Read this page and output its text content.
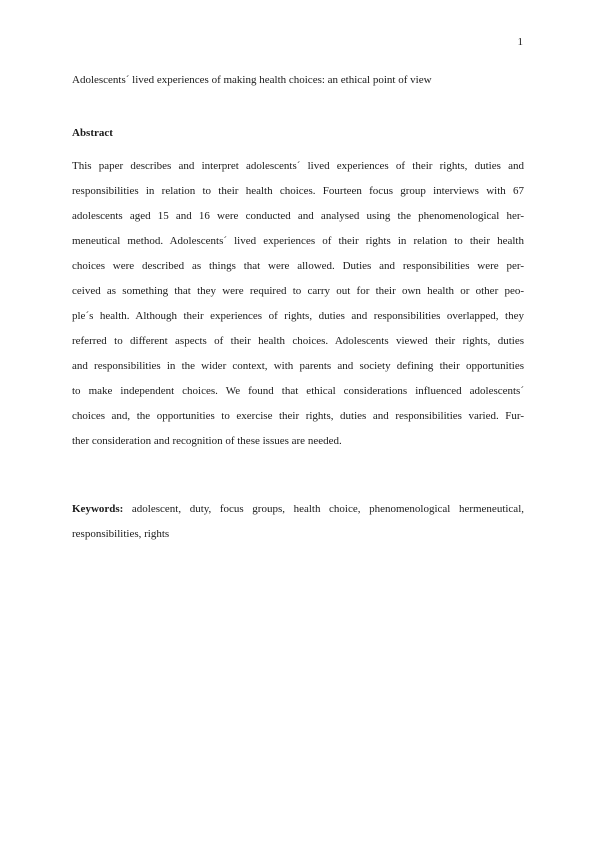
1
Adolescents´ lived experiences of making health choices: an ethical point of view
Abstract
This paper describes and interpret adolescents´ lived experiences of their rights, duties and
responsibilities in relation to their health choices. Fourteen focus group interviews with 67
adolescents aged 15 and 16 were conducted and analysed using the phenomenological her-
meneutical method. Adolescents´ lived experiences of their rights in relation to their health
choices were described as things that were allowed. Duties and responsibilities were per-
ceived as something that they were required to carry out for their own health or other peo-
ple´s health. Although their experiences of rights, duties and responsibilities overlapped, they
referred to different aspects of their health choices. Adolescents viewed their rights, duties
and responsibilities in the wider context, with parents and society defining their opportunities
to make independent choices. We found that ethical considerations influenced adolescents´
choices and, the opportunities to exercise their rights, duties and responsibilities varied. Fur-
ther consideration and recognition of these issues are needed.
Keywords: adolescent, duty, focus groups, health choice, phenomenological hermeneutical,
responsibilities, rights
